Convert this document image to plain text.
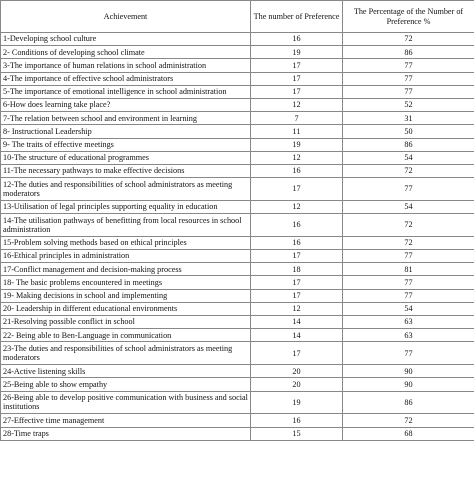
Achievement	The number of Preference	The Percentage of the Number of Preference %

1-Developing school culture	16	72
2- Conditions of developing school climate	19	86
3-The importance of human relations in school administration	17	77
4-The importance of effective school administrators	17	77
5-The importance of emotional intelligence in school administration	17	77
6-How does learning take place?	12	52
7-The relation between school and environment in learning	7	31
8- Instructional Leadership	11	50
9- The traits of effective meetings	19	86
10-The structure of educational programmes	12	54
11-The necessary pathways to make effective decisions	16	72
12-The duties and responsibilities of school administrators as meeting moderators	17	77
13-Utilisation of legal principles supporting equality in education	12	54
14-The utilisation pathways of benefitting from local resources in school administration	16	72
15-Problem solving methods based on ethical principles	16	72
16-Ethical principles in administration	17	77
17-Conflict management and decision-making process	18	81
18- The basic problems encountered in meetings	17	77
19- Making decisions in school and implementing	17	77
20- Leadership in different educational environments	12	54
21-Resolving possible conflict in school	14	63
22- Being able to Ben-Language in communication	14	63
23-The duties and responsibilities of school administrators as meeting moderators	17	77
24-Active listening skills	20	90
25-Being able to show empathy	20	90
26-Being able to develop positive communication with business and social institutions	19	86
27-Effective time management	16	72
28-Time traps	15	68
